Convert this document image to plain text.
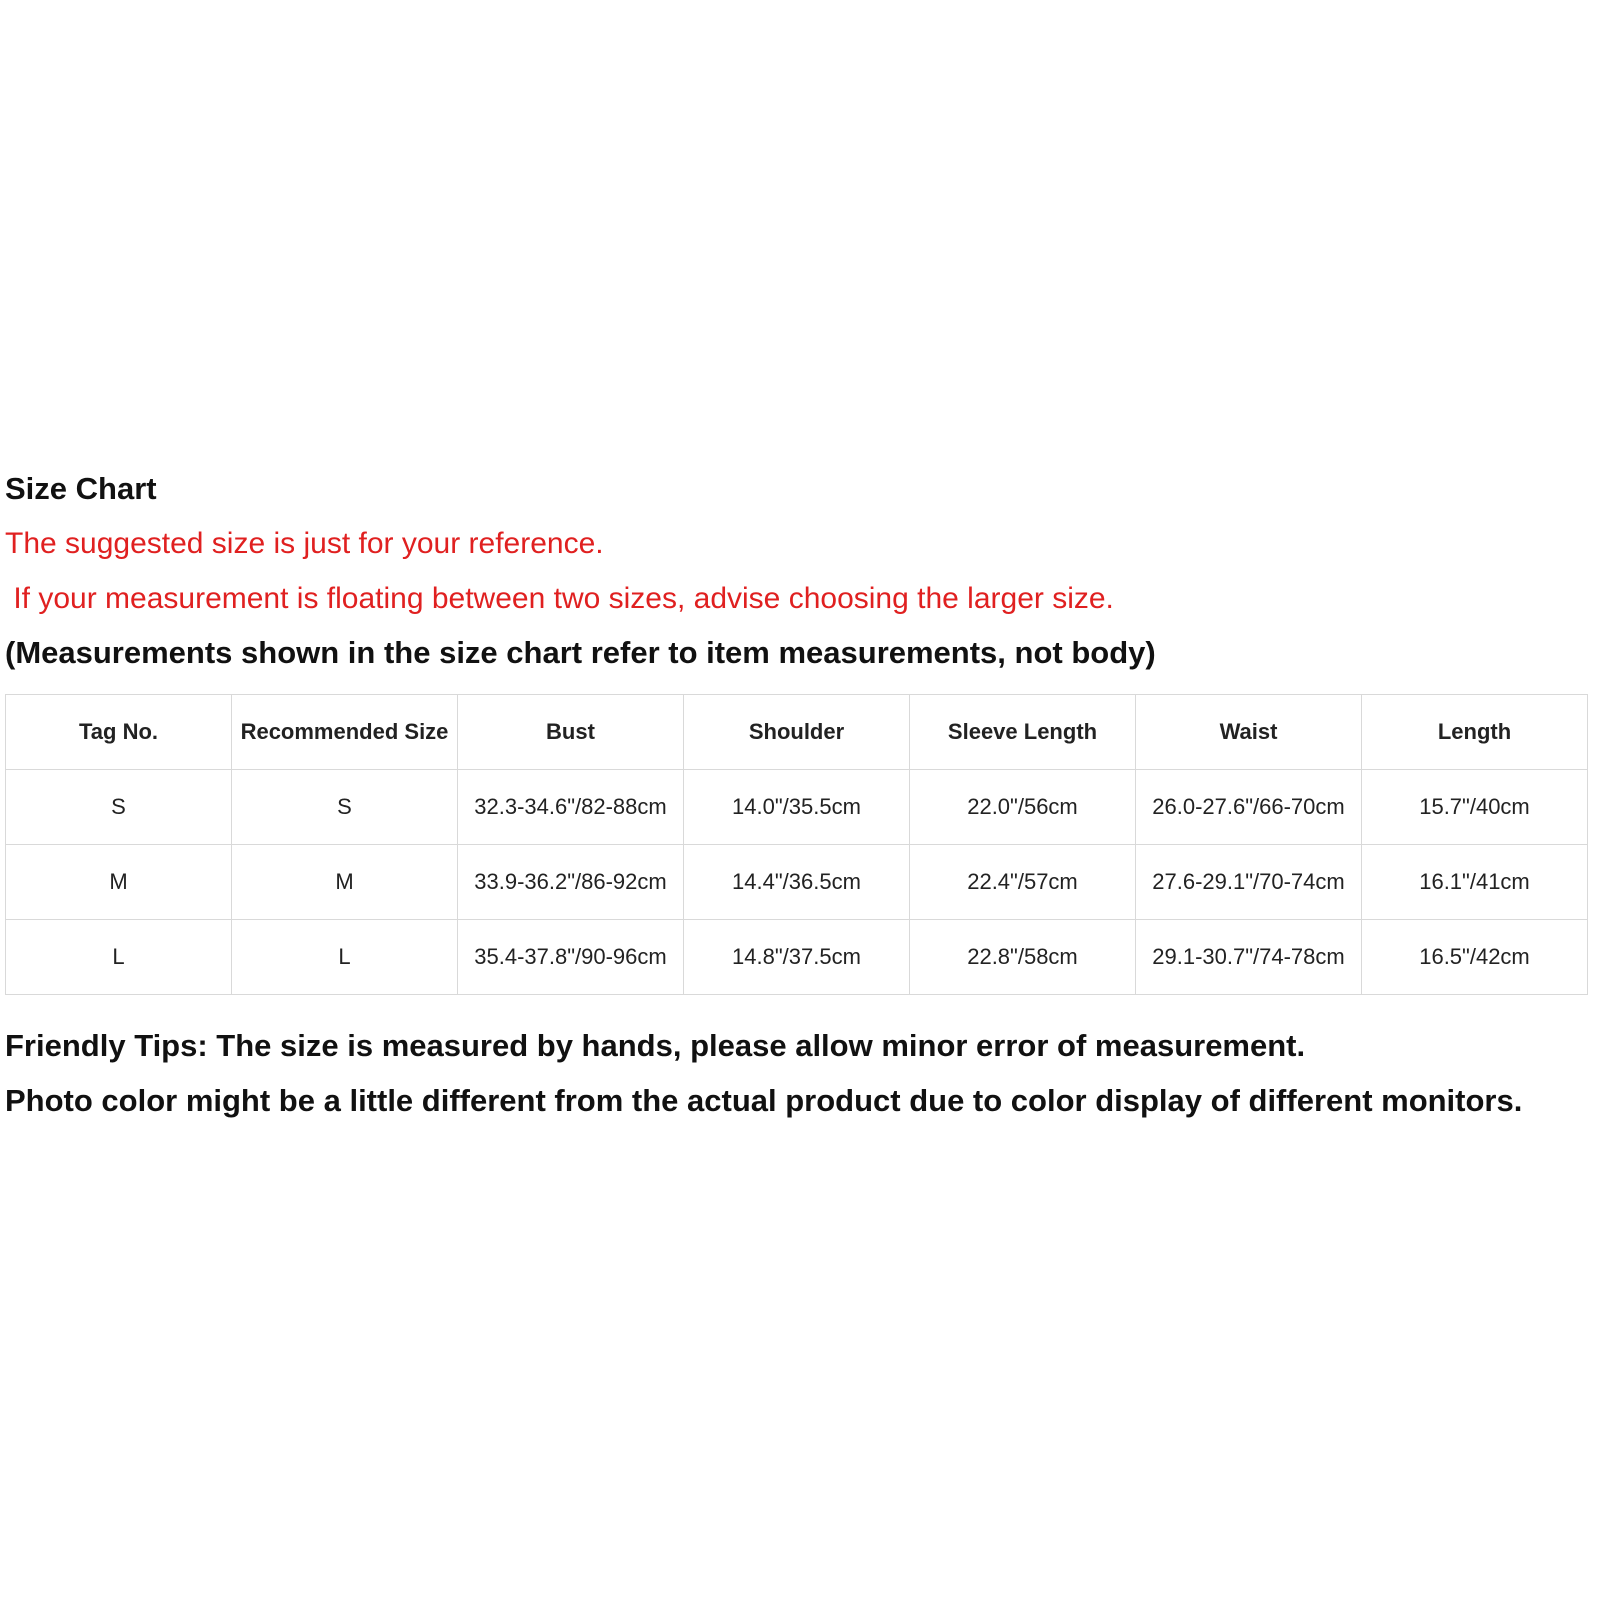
Size Chart
The suggested size is just for your reference.
If your measurement is floating between two sizes, advise choosing the larger size.
(Measurements shown in the size chart refer to item measurements, not body)
Tag No.	Recommended Size	Bust	Shoulder	Sleeve Length	Waist	Length
S	S	32.3-34.6"/82-88cm	14.0"/35.5cm	22.0"/56cm	26.0-27.6"/66-70cm	15.7"/40cm
M	M	33.9-36.2"/86-92cm	14.4"/36.5cm	22.4"/57cm	27.6-29.1"/70-74cm	16.1"/41cm
L	L	35.4-37.8"/90-96cm	14.8"/37.5cm	22.8"/58cm	29.1-30.7"/74-78cm	16.5"/42cm

Friendly Tips: The size is measured by hands, please allow minor error of measurement.

Photo color might be a little different from the actual product due to color display of different monitors.
